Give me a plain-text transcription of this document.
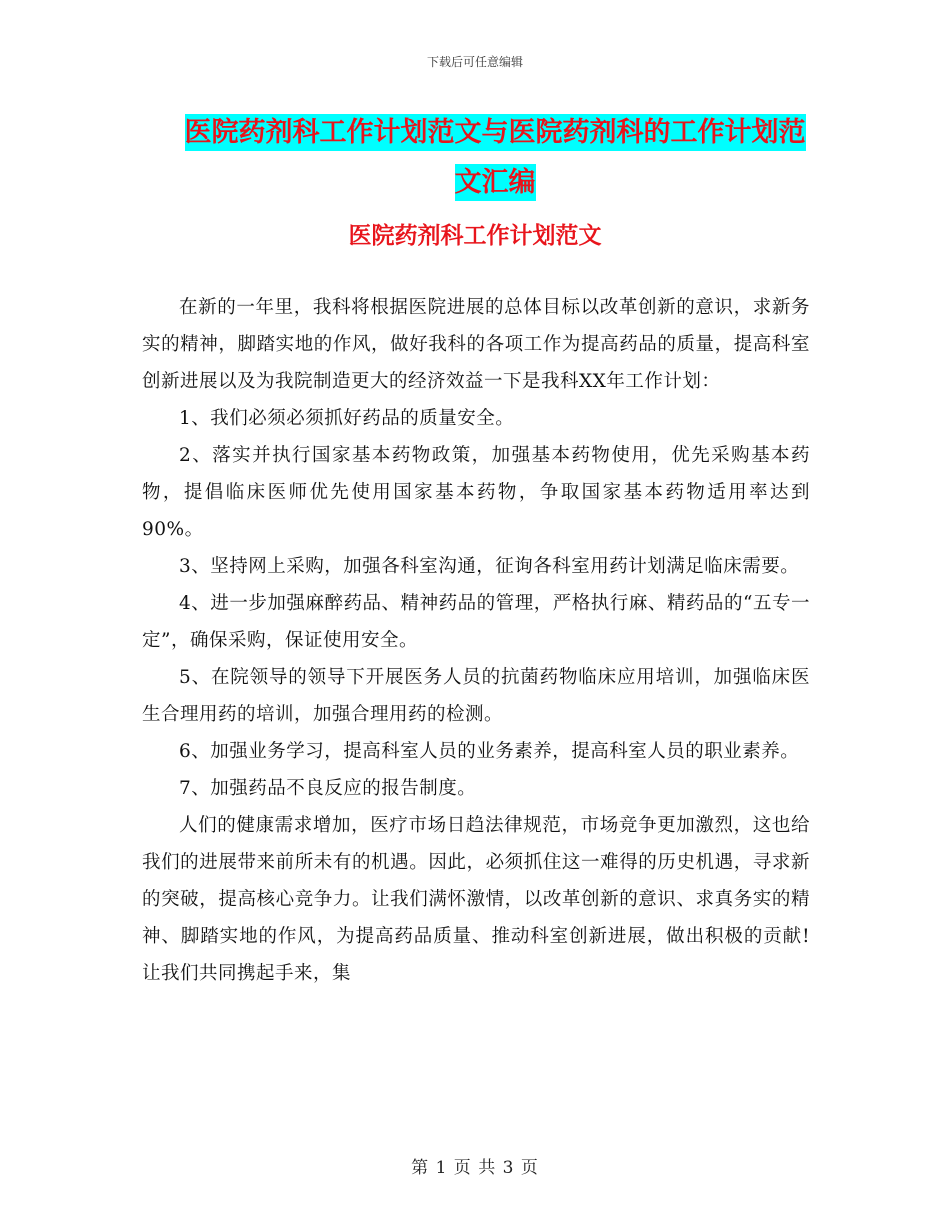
下载后可任意编辑
医院药剂科工作计划范文与医院药剂科的工作计划范
文汇编
医院药剂科工作计划范文

在新的一年里，我科将根据医院进展的总体目标以改革创新的意识，求新务实的精神，脚踏实地的作风，做好我科的各项工作为提高药品的质量，提高科室创新进展以及为我院制造更大的经济效益一下是我科XX年工作计划：

1、我们必须必须抓好药品的质量安全。

2、落实并执行国家基本药物政策，加强基本药物使用，优先采购基本药物，提倡临床医师优先使用国家基本药物，争取国家基本药物适用率达到90%。

3、坚持网上采购，加强各科室沟通，征询各科室用药计划满足临床需要。

4、进一步加强麻醉药品、精神药品的管理，严格执行麻、精药品的“五专一定”，确保采购，保证使用安全。

5、在院领导的领导下开展医务人员的抗菌药物临床应用培训，加强临床医生合理用药的培训，加强合理用药的检测。

6、加强业务学习，提高科室人员的业务素养，提高科室人员的职业素养。

7、加强药品不良反应的报告制度。

人们的健康需求增加，医疗市场日趋法律规范，市场竞争更加激烈，这也给我们的进展带来前所未有的机遇。因此，必须抓住这一难得的历史机遇，寻求新的突破，提高核心竞争力。让我们满怀激情，以改革创新的意识、求真务实的精神、脚踏实地的作风，为提高药品质量、推动科室创新进展，做出积极的贡献!让我们共同携起手来，集

第 1 页 共 3 页
